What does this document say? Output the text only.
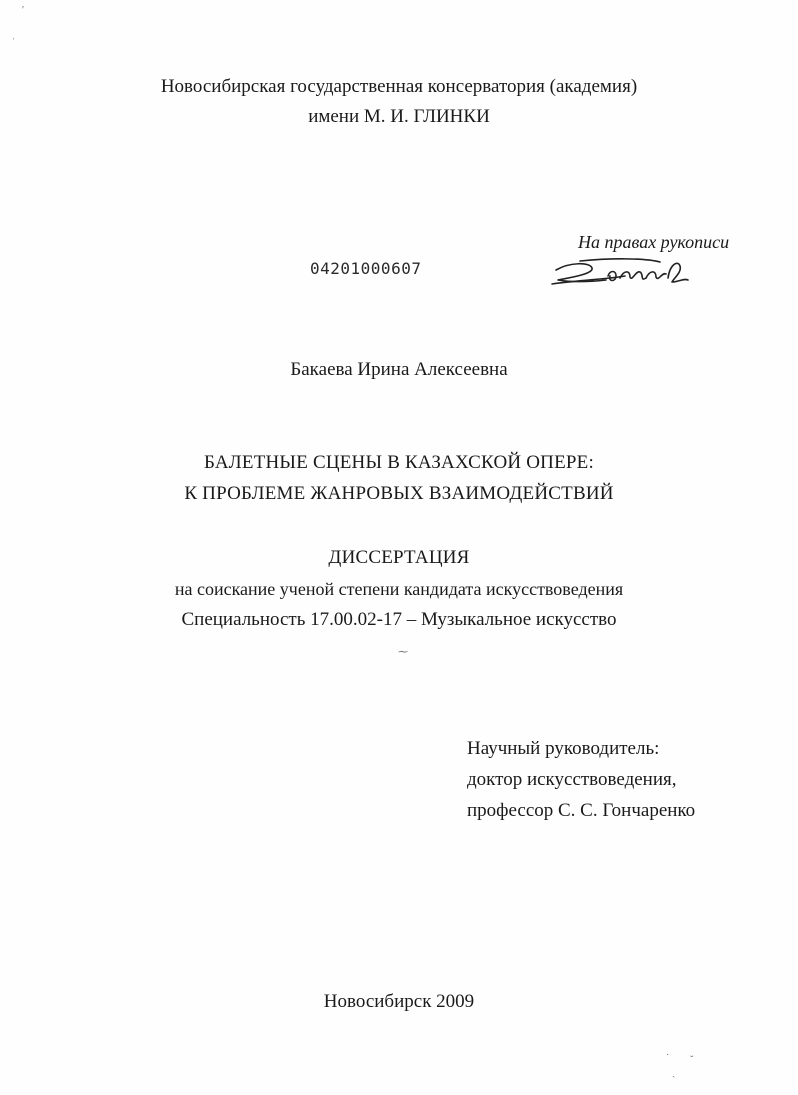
ʹ
ˌ
Новосибирская государственная консерватория (академия)
имени М. И. ГЛИНКИ
На правах рукописи
04201000607
Бакаева Ирина Алексеевна
БАЛЕТНЫЕ СЦЕНЫ В КАЗАХСКОЙ ОПЕРЕ:
К ПРОБЛЕМЕ ЖАНРОВЫХ ВЗАИМОДЕЙСТВИЙ
ДИССЕРТАЦИЯ
на соискание ученой степени кандидата искусствоведения
Специальность 17.00.02-17 – Музыкальное искусство
⁓
Научный руководитель:
доктор искусствоведения,
профессор С. С. Гончаренко
Новосибирск 2009
˙ ˇ
ˏ
